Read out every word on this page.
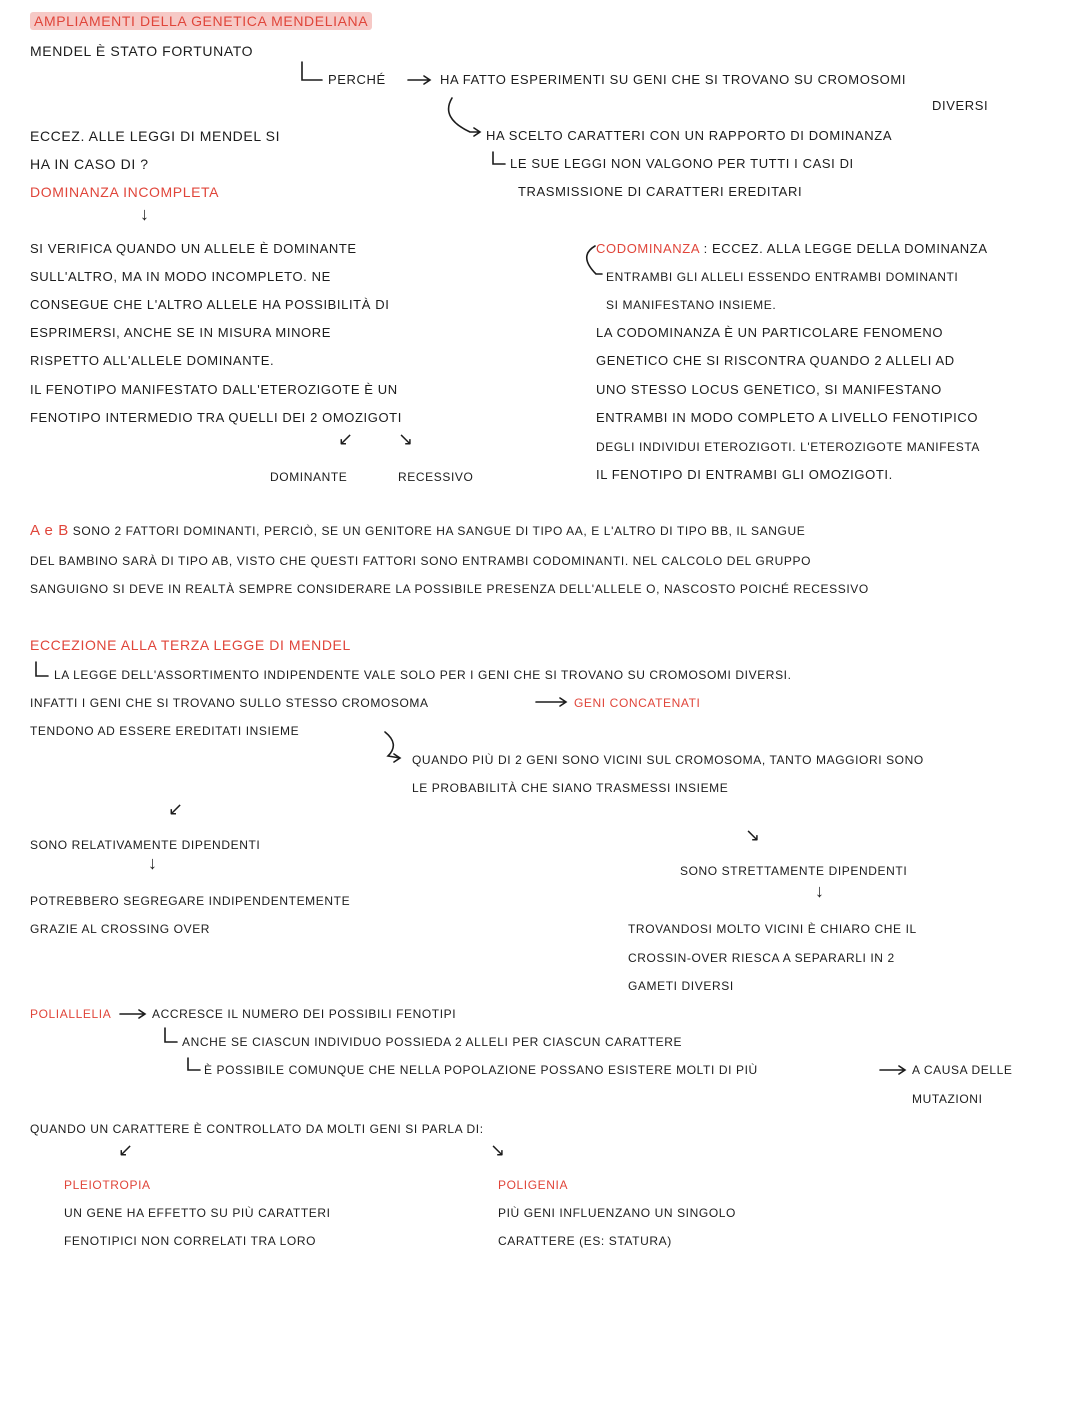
AMPLIAMENTI DELLA GENETICA MENDELIANA
MENDEL È STATO FORTUNATO
PERCHÉ	HA FATTO ESPERIMENTI SU GENI CHE SI TROVANO SU CROMOSOMI
DIVERSI
HA SCELTO CARATTERI CON UN RAPPORTO DI DOMINANZA
LE SUE LEGGI NON VALGONO PER TUTTI I CASI DI
TRASMISSIONE DI CARATTERI EREDITARI
ECCEZ. ALLE LEGGI DI MENDEL SI
HA IN CASO DI ?
DOMINANZA INCOMPLETA
↓
SI VERIFICA QUANDO UN ALLELE È DOMINANTE
SULL'ALTRO, MA IN MODO INCOMPLETO. NE
CONSEGUE CHE L'ALTRO ALLELE HA POSSIBILITÀ DI
ESPRIMERSI, ANCHE SE IN MISURA MINORE
RISPETTO ALL'ALLELE DOMINANTE.
IL FENOTIPO MANIFESTATO DALL'ETEROZIGOTE È UN
FENOTIPO INTERMEDIO TRA QUELLI DEI 2 OMOZIGOTI
↙ ↘
DOMINANTE	RECESSIVO
CODOMINANZA : ECCEZ. ALLA LEGGE DELLA DOMINANZA
ENTRAMBI GLI ALLELI ESSENDO ENTRAMBI DOMINANTI
SI MANIFESTANO INSIEME.
LA CODOMINANZA È UN PARTICOLARE FENOMENO
GENETICO CHE SI RISCONTRA QUANDO 2 ALLELI AD
UNO STESSO LOCUS GENETICO, SI MANIFESTANO
ENTRAMBI IN MODO COMPLETO A LIVELLO FENOTIPICO
DEGLI INDIVIDUI ETEROZIGOTI. L'ETEROZIGOTE MANIFESTA
IL FENOTIPO DI ENTRAMBI GLI OMOZIGOTI.
A e B SONO 2 FATTORI DOMINANTI, PERCIÒ, SE UN GENITORE HA SANGUE DI TIPO AA, E L'ALTRO DI TIPO BB, IL SANGUE
DEL BAMBINO SARÀ DI TIPO AB, VISTO CHE QUESTI FATTORI SONO ENTRAMBI CODOMINANTI. NEL CALCOLO DEL GRUPPO
SANGUIGNO SI DEVE IN REALTÀ SEMPRE CONSIDERARE LA POSSIBILE PRESENZA DELL'ALLELE O, NASCOSTO POICHÉ RECESSIVO
ECCEZIONE ALLA TERZA LEGGE DI MENDEL
LA LEGGE DELL'ASSORTIMENTO INDIPENDENTE VALE SOLO PER I GENI CHE SI TROVANO SU CROMOSOMI DIVERSI.
INFATTI I GENI CHE SI TROVANO SULLO STESSO CROMOSOMA	GENI CONCATENATI
TENDONO AD ESSERE EREDITATI INSIEME
QUANDO PIÙ DI 2 GENI SONO VICINI SUL CROMOSOMA, TANTO MAGGIORI SONO
LE PROBABILITÀ CHE SIANO TRASMESSI INSIEME
↙
↘
SONO RELATIVAMENTE DIPENDENTI
↓
POTREBBERO SEGREGARE INDIPENDENTEMENTE
GRAZIE AL CROSSING OVER
SONO STRETTAMENTE DIPENDENTI
↓
TROVANDOSI MOLTO VICINI È CHIARO CHE IL
CROSSIN-OVER RIESCA A SEPARARLI IN 2
GAMETI DIVERSI
POLIALLELIA	ACCRESCE IL NUMERO DEI POSSIBILI FENOTIPI
ANCHE SE CIASCUN INDIVIDUO POSSIEDA 2 ALLELI PER CIASCUN CARATTERE
È POSSIBILE COMUNQUE CHE NELLA POPOLAZIONE POSSANO ESISTERE MOLTI DI PIÙ	A CAUSA DELLE
MUTAZIONI
QUANDO UN CARATTERE È CONTROLLATO DA MOLTI GENI SI PARLA DI:
↙	↘
PLEIOTROPIA
UN GENE HA EFFETTO SU PIÙ CARATTERI
FENOTIPICI NON CORRELATI TRA LORO
POLIGENIA
PIÙ GENI INFLUENZANO UN SINGOLO
CARATTERE (ES: STATURA)
